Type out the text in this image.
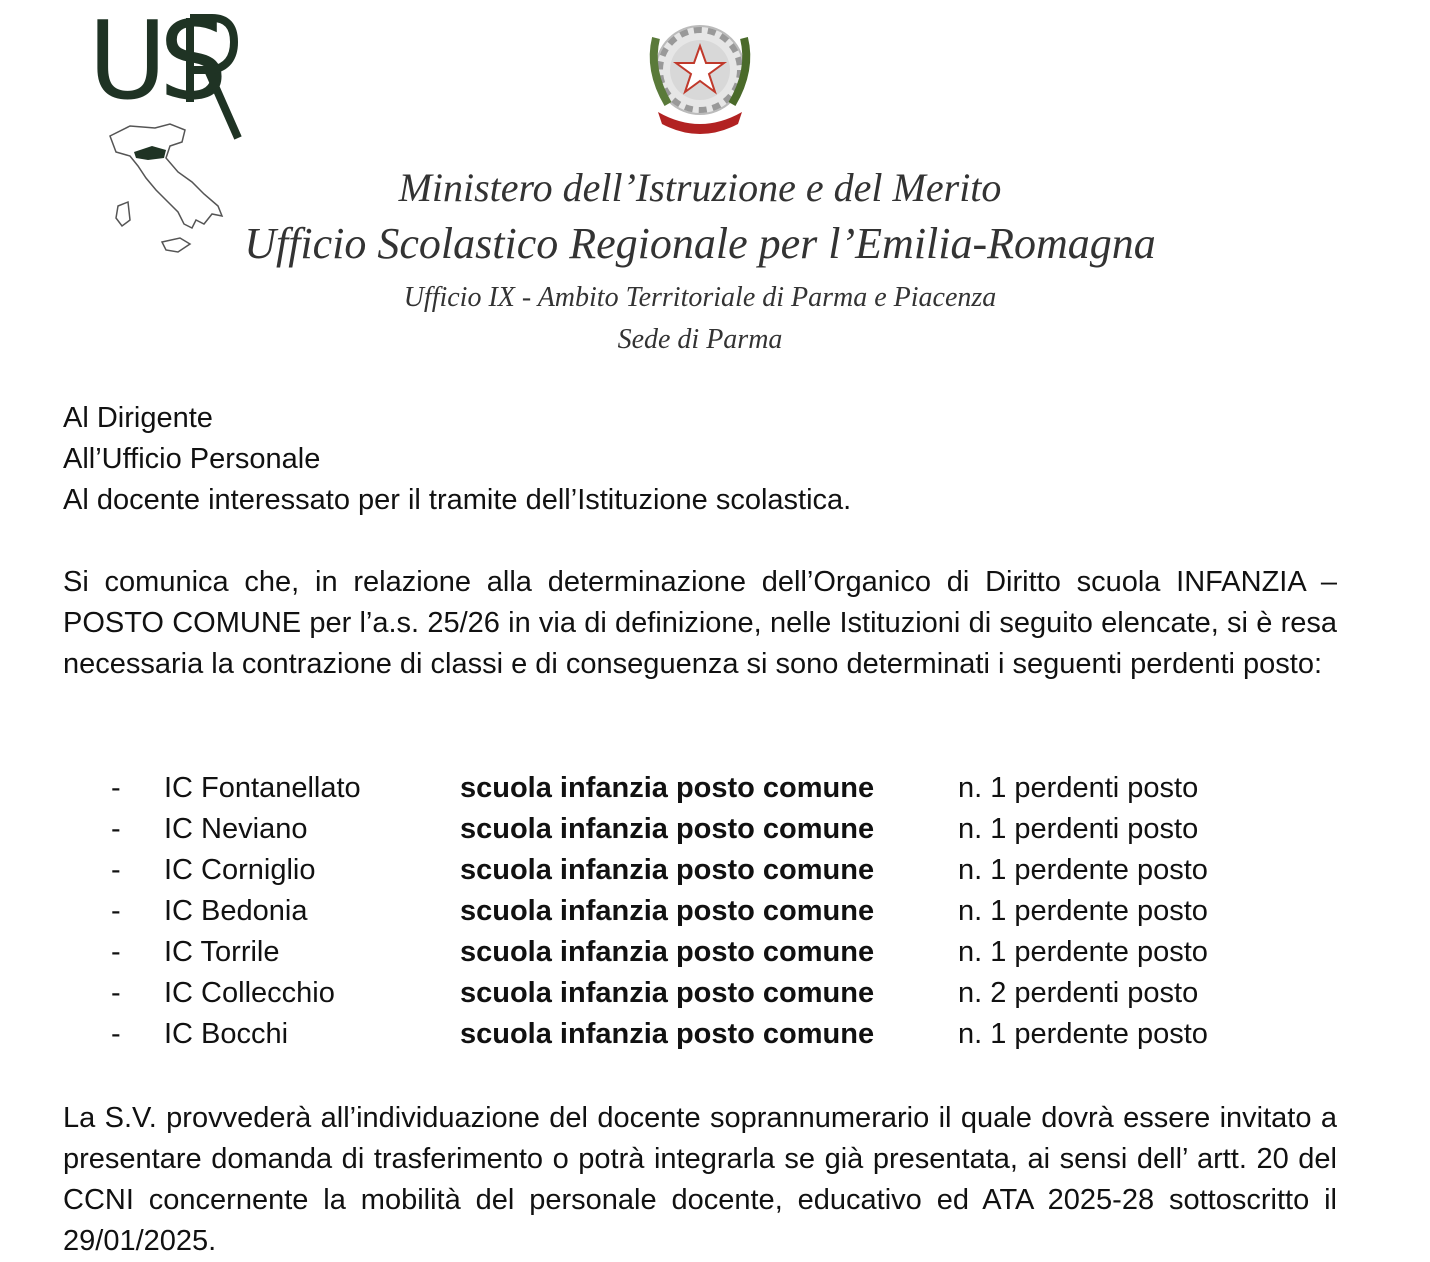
US
Ministero dell’Istruzione e del Merito
Ufficio Scolastico Regionale per l’Emilia-Romagna
Ufficio IX - Ambito Territoriale di Parma e Piacenza
Sede di Parma
Al Dirigente
All’Ufficio Personale
Al docente interessato per il tramite dell’Istituzione scolastica.
Si comunica che, in relazione alla determinazione dell’Organico di Diritto scuola INFANZIA – POSTO COMUNE per l’a.s. 25/26 in via di definizione, nelle Istituzioni di seguito elencate, si è resa necessaria la contrazione di classi e di conseguenza si sono determinati i seguenti perdenti posto:
- IC Fontanellato	scuola infanzia posto comune	n. 1 perdenti posto
- IC Neviano	scuola infanzia posto comune	n. 1 perdenti posto
- IC Corniglio	scuola infanzia posto comune	n. 1 perdente posto
- IC Bedonia	scuola infanzia posto comune	n. 1 perdente posto
- IC Torrile	scuola infanzia posto comune	n. 1 perdente posto
- IC Collecchio	scuola infanzia posto comune	n. 2 perdenti posto
- IC Bocchi	scuola infanzia posto comune	n. 1 perdente posto
La S.V. provvederà all’individuazione del docente soprannumerario il quale dovrà essere invitato a presentare domanda di trasferimento o potrà integrarla se già presentata, ai sensi dell’ artt. 20 del CCNI concernente la mobilità del personale docente, educativo ed ATA 2025-28 sottoscritto il 29/01/2025.
